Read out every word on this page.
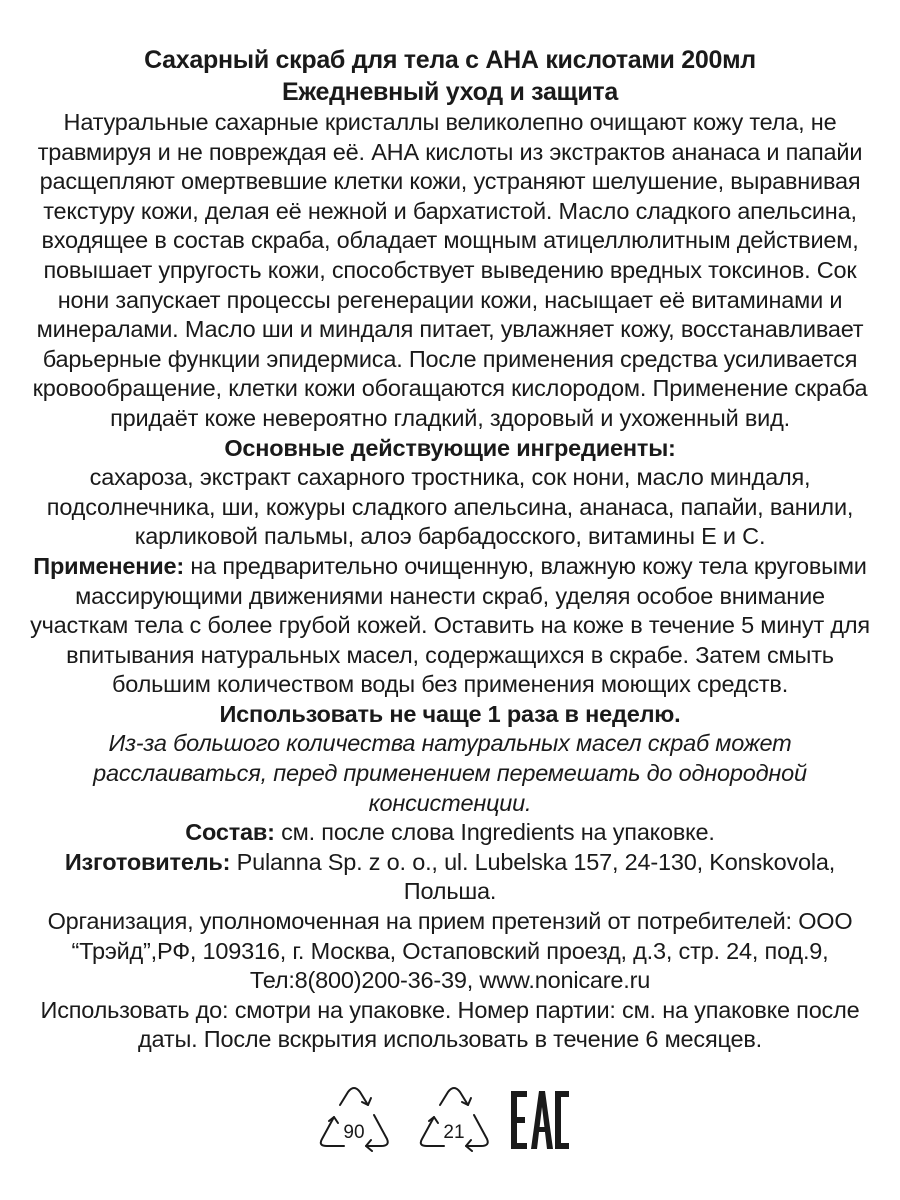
Сахарный скраб для тела с АНА кислотами 200мл

Ежедневный уход и защита

Натуральные сахарные кристаллы великолепно очищают кожу тела, не травмируя и не повреждая её. АНА кислоты из экстрактов ананаса и папайи расщепляют омертвевшие клетки кожи, устраняют шелушение, выравнивая текстуру кожи, делая её нежной и бархатистой. Масло сладкого апельсина, входящее в состав скраба, обладает мощным атицеллюлитным действием, повышает упругость кожи, способствует выведению вредных токсинов. Сок нони запускает процессы регенерации кожи, насыщает её витаминами и минералами. Масло ши и миндаля питает, увлажняет кожу, восстанавливает барьерные функции эпидермиса. После применения средства усиливается кровообращение, клетки кожи обогащаются кислородом. Применение скраба придаёт коже невероятно гладкий, здоровый и ухоженный вид.

Основные действующие ингредиенты:

сахароза, экстракт сахарного тростника, сок нони, масло миндаля, подсолнечника, ши, кожуры сладкого апельсина, ананаса, папайи, ванили, карликовой пальмы, алоэ барбадосского, витамины Е и С.

Применение: на предварительно очищенную, влажную кожу тела круговыми массирующими движениями нанести скраб, уделяя особое внимание участкам тела с более грубой кожей. Оставить на коже в течение 5 минут для впитывания натуральных масел, содержащихся в скрабе. Затем смыть большим количеством воды без применения моющих средств. Использовать не чаще 1 раза в неделю.

Из-за большого количества натуральных масел скраб может расслаиваться, перед применением перемешать до однородной консистенции.

Состав: см. после слова Ingredients на упаковке.

Изготовитель: Pulanna Sp. z o. o., ul. Lubelska 157, 24-130, Konskovola, Польша.

Организация, уполномоченная на прием претензий от потребителей: ООО “Трэйд”,РФ, 109316, г. Москва, Остаповский проезд, д.3, стр. 24, под.9, Тел:8(800)200-36-39, www.nonicare.ru

Использовать до: смотри на упаковке. Номер партии: см. на упаковке после даты. После вскрытия использовать в течение 6 месяцев.

90	21
